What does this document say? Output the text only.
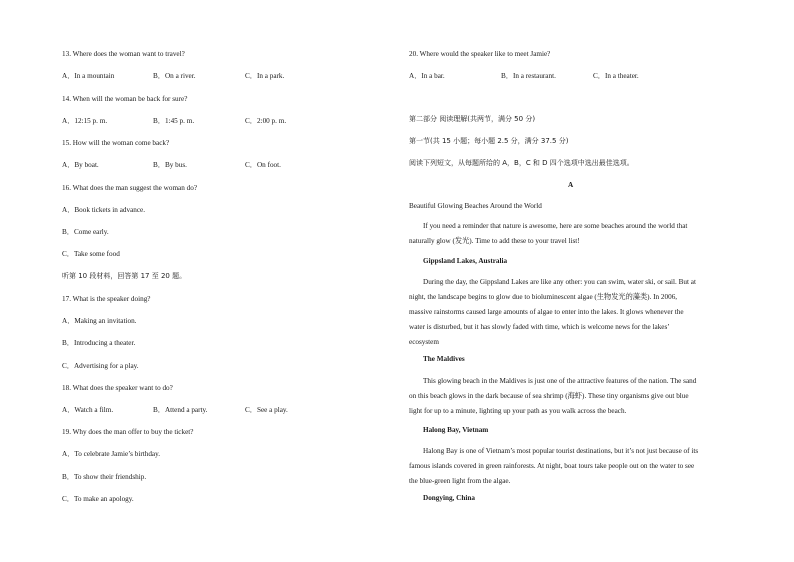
13. Where does the woman want to travel?
A．In a mountain	B．On a river.	C．In a park.
14. When will the woman be back for sure?
A．12:15 p. m.	B．1:45 p. m.	C．2:00 p. m.
15. How will the woman come back?
A．By boat.	B．By bus.	C．On foot.
16. What does the man suggest the woman do?
A．Book tickets in advance.
B．Come early.
C．Take some food
听第 10 段材料，回答第 17 至 20 题。
17. What is the speaker doing?
A．Making an invitation.
B．Introducing a theater.
C．Advertising for a play.
18. What does the speaker want to do?
A．Watch a film.	B．Attend a party.	C．See a play.
19. Why does the man offer to buy the ticket?
A．To celebrate Jamie’s birthday.
B．To show their friendship.
C．To make an apology.
20. Where would the speaker like to meet Jamie?
A．In a bar.	B．In a restaurant.	C．In a theater.
第二部分 阅读理解(共两节，满分 50 分)
第一节(共 15 小题；每小题 2.5 分，满分 37.5 分)
阅读下列短文，从每题所给的 A，B，C 和 D 四个选项中选出最佳选项。
A
Beautiful Glowing Beaches Around the World
If you need a reminder that nature is awesome, here are some beaches around the world that
naturally glow (发光). Time to add these to your travel list!
Gippsland Lakes, Australia
During the day, the Gippsland Lakes are like any other: you can swim, water ski, or sail. But at
night, the landscape begins to glow due to bioluminescent algae (生物发光的藻类). In 2006,
massive rainstorms caused large amounts of algae to enter into the lakes. It glows whenever the
water is disturbed, but it has slowly faded with time, which is welcome news for the lakes’
ecosystem
The Maldives
This glowing beach in the Maldives is just one of the attractive features of the nation. The sand
on this beach glows in the dark because of sea shrimp (海虾). These tiny organisms give out blue
light for up to a minute, lighting up your path as you walk across the beach.
Halong Bay, Vietnam
Halong Bay is one of Vietnam’s most popular tourist destinations, but it’s not just because of its
famous islands covered in green rainforests. At night, boat tours take people out on the water to see
the blue-green light from the algae.
Dongying, China
